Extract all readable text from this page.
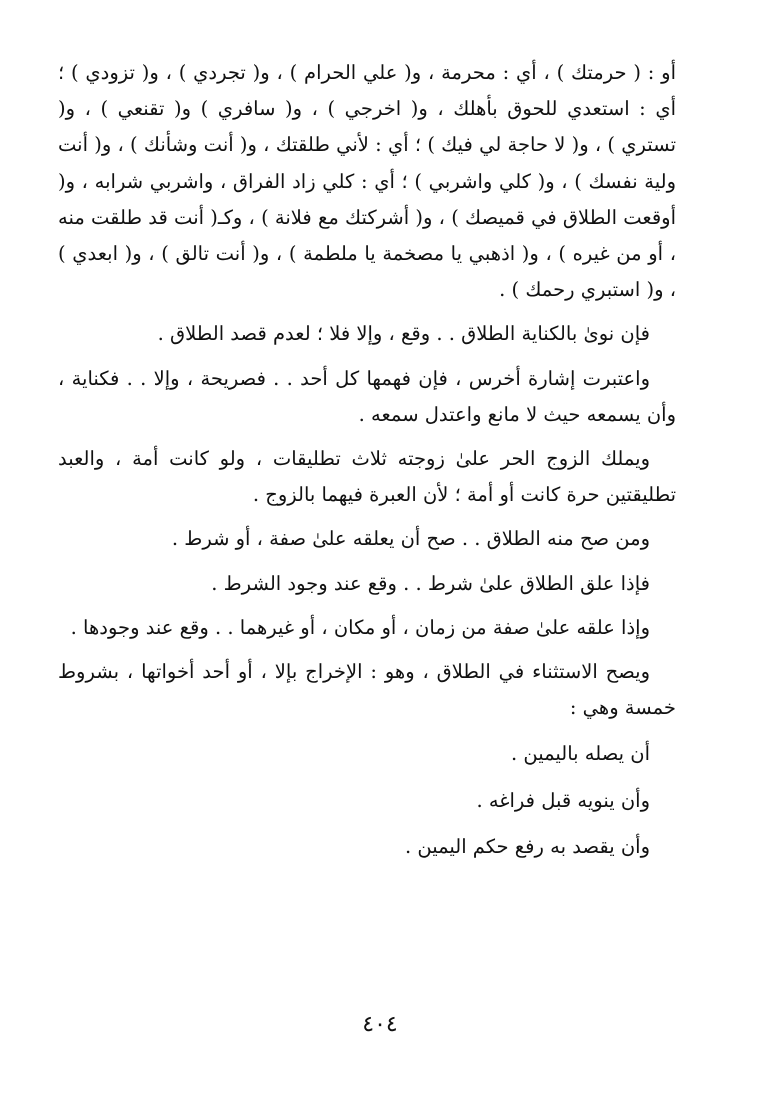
أو : ( حرمتك ) ، أي : محرمة ، و( علي الحرام ) ، و( تجردي ) ، و( تزودي ) ؛ أي : استعدي للحوق بأهلك ، و( اخرجي ) ، و( سافري ) و( تقنعي ) ، و( تستري ) ، و( لا حاجة لي فيك ) ؛ أي : لأني طلقتك ، و( أنت وشأنك ) ، و( أنت ولية نفسك ) ، و( كلي واشربي ) ؛ أي : كلي زاد الفراق ، واشربي شرابه ، و( أوقعت الطلاق في قميصك ) ، و( أشركتك مع فلانة ) ، وكـ( أنت قد طلقت منه ، أو من غيره ) ، و( اذهبي يا مصخمة يا ملطمة ) ، و( أنت تالق ) ، و( ابعدي ) ، و( استبري رحمك ) .

فإن نوىٰ بالكناية الطلاق . . وقع ، وإلا فلا ؛ لعدم قصد الطلاق .

واعتبرت إشارة أخرس ، فإن فهمها كل أحد . . فصريحة ، وإلا . . فكناية ، وأن يسمعه حيث لا مانع واعتدل سمعه .

ويملك الزوج الحر علىٰ زوجته ثلاث تطليقات ، ولو كانت أمة ، والعبد تطليقتين حرة كانت أو أمة ؛ لأن العبرة فيهما بالزوج .

ومن صح منه الطلاق . . صح أن يعلقه علىٰ صفة ، أو شرط .

فإذا علق الطلاق علىٰ شرط . . وقع عند وجود الشرط .

وإذا علقه علىٰ صفة من زمان ، أو مكان ، أو غيرهما . . وقع عند وجودها .

ويصح الاستثناء في الطلاق ، وهو : الإخراج بإلا ، أو أحد أخواتها ، بشروط خمسة وهي :

أن يصله باليمين .

وأن ينويه قبل فراغه .

وأن يقصد به رفع حكم اليمين .

٤٠٤
